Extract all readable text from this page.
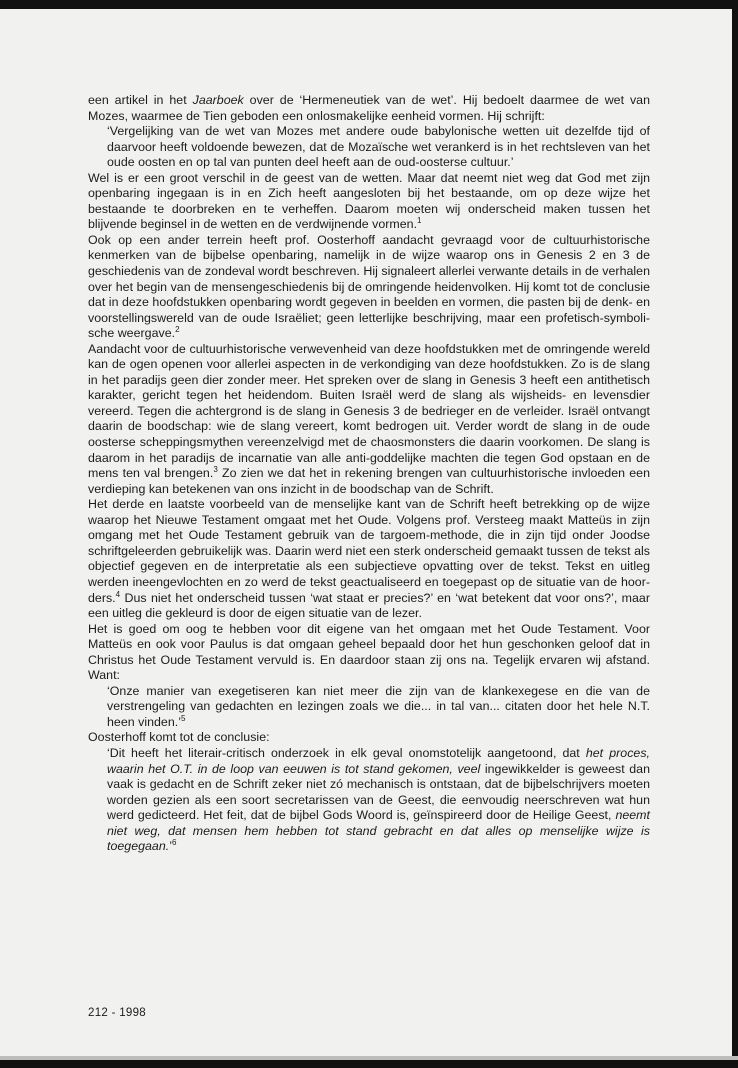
een artikel in het Jaarboek over de ‘Hermeneutiek van de wet’. Hij bedoelt daarmee de wet van Mozes, waarmee de Tien geboden een onlosmakelijke eenheid vormen. Hij schrijft:

‘Vergelijking van de wet van Mozes met andere oude babylonische wetten uit dezelfde tijd of daarvoor heeft voldoende bewezen, dat de Mozaïsche wet verankerd is in het rechtsleven van het oude oosten en op tal van punten deel heeft aan de oud-oosterse cultuur.’

Wel is er een groot verschil in de geest van de wetten. Maar dat neemt niet weg dat God met zijn openbaring ingegaan is in en Zich heeft aangesloten bij het bestaande, om op deze wijze het bestaande te doorbreken en te verheffen. Daarom moeten wij onderscheid maken tussen het blijvende beginsel in de wetten en de verdwijnende vormen.$^1$

Ook op een ander terrein heeft prof. Oosterhoff aandacht gevraagd voor de cultuurhistorische kenmerken van de bijbelse openbaring, namelijk in de wijze waarop ons in Genesis 2 en 3 de geschiedenis van de zondeval wordt beschreven. Hij signaleert allerlei verwante details in de verhalen over het begin van de mensengeschiedenis bij de omringende heidenvolken. Hij komt tot de conclusie dat in deze hoofdstukken openbaring wordt gegeven in beelden en vormen, die pasten bij de denk- en voorstellingswereld van de oude Israëliet; geen letterlijke beschrijving, maar een profetisch-symbolische weergave.$^2$

Aandacht voor de cultuurhistorische verwevenheid van deze hoofdstukken met de omringende wereld kan de ogen openen voor allerlei aspecten in de verkondiging van deze hoofdstukken. Zo is de slang in het paradijs geen dier zonder meer. Het spreken over de slang in Genesis 3 heeft een antithetisch karakter, gericht tegen het heidendom. Buiten Israël werd de slang als wijsheids- en levensdier vereerd. Tegen die achtergrond is de slang in Genesis 3 de bedrieger en de verleider. Israël ontvangt daarin de boodschap: wie de slang vereert, komt bedrogen uit. Verder wordt de slang in de oude oosterse scheppingsmythen vereenzelvigd met de chaosmonsters die daarin voorkomen. De slang is daarom in het paradijs de incarnatie van alle anti-goddelijke machten die tegen God opstaan en de mens ten val brengen.$^3$ Zo zien we dat het in rekening brengen van cultuurhistorische invloeden een verdieping kan betekenen van ons inzicht in de boodschap van de Schrift.

Het derde en laatste voorbeeld van de menselijke kant van de Schrift heeft betrekking op de wijze waarop het Nieuwe Testament omgaat met het Oude. Volgens prof. Versteeg maakt Matteüs in zijn omgang met het Oude Testament gebruik van de targoem-methode, die in zijn tijd onder Joodse schriftgeleerden gebruikelijk was. Daarin werd niet een sterk onderscheid gemaakt tussen de tekst als objectief gegeven en de interpretatie als een subjectieve opvatting over de tekst. Tekst en uitleg werden ineengevlochten en zo werd de tekst geactualiseerd en toegepast op de situatie van de hoorders.$^4$ Dus niet het onderscheid tussen ‘wat staat er precies?’ en ‘wat betekent dat voor ons?’, maar een uitleg die gekleurd is door de eigen situatie van de lezer.

Het is goed om oog te hebben voor dit eigene van het omgaan met het Oude Testament. Voor Matteüs en ook voor Paulus is dat omgaan geheel bepaald door het hun geschonken geloof dat in Christus het Oude Testament vervuld is. En daardoor staan zij ons na. Tegelijk ervaren wij afstand. Want:

‘Onze manier van exegetiseren kan niet meer die zijn van de klankexegese en die van de verstrengeling van gedachten en lezingen zoals we die... in tal van... citaten door het hele N.T. heen vinden.’$^5$

Oosterhoff komt tot de conclusie:

‘Dit heeft het literair-critisch onderzoek in elk geval onomstotelijk aangetoond, dat het proces, waarin het O.T. in de loop van eeuwen is tot stand gekomen, veel ingewikkelder is geweest dan vaak is gedacht en de Schrift zeker niet zó mechanisch is ontstaan, dat de bijbelschrijvers moeten worden gezien als een soort secretarissen van de Geest, die eenvoudig neerschreven wat hun werd gedicteerd. Het feit, dat de bijbel Gods Woord is, geïnspireerd door de Heilige Geest, neemt niet weg, dat mensen hem hebben tot stand gebracht en dat alles op menselijke wijze is toegegaan.’$^6$

212 - 1998
